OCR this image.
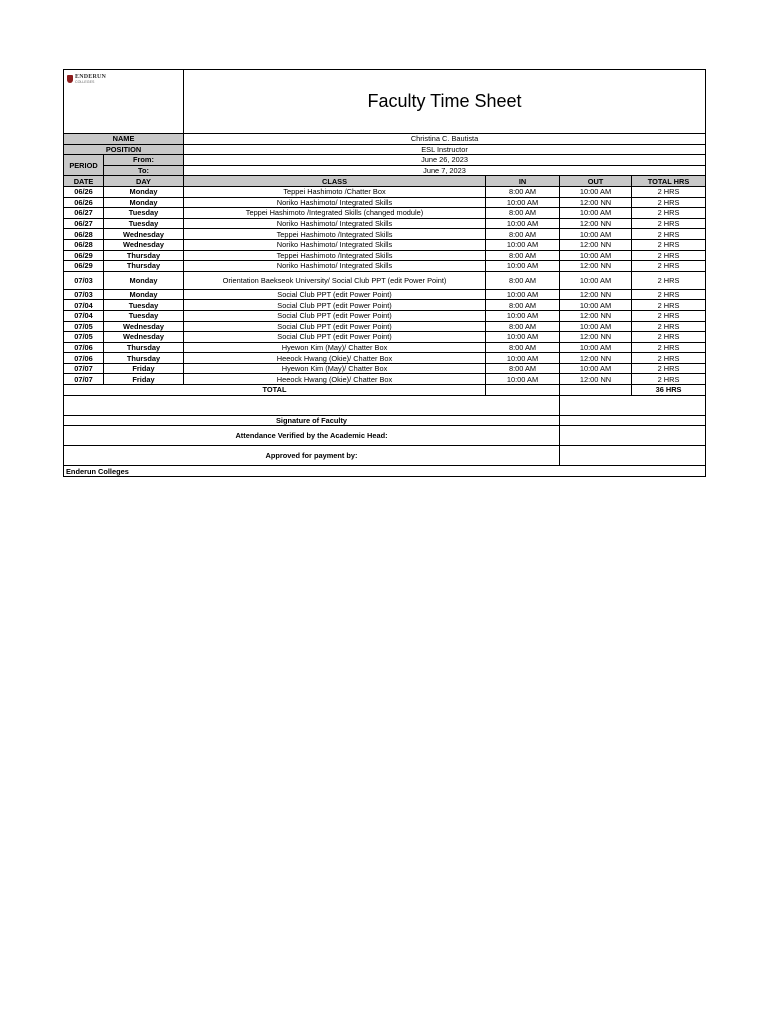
ENDERUN
COLLEGES		Faculty Time Sheet			
NAME		Christina C. Bautista			
POSITION		ESL Instructor			
PERIOD	From:	June 26, 2023			
	To:	June 7, 2023			
DATE	DAY	CLASS	IN	OUT	TOTAL HRS
06/26	Monday	Teppei Hashimoto /Chatter Box	8:00 AM	10:00 AM	2 HRS
06/26	Monday	Noriko Hashimoto/ Integrated Skills	10:00 AM	12:00 NN	2 HRS
06/27	Tuesday	Teppei Hashimoto /Integrated Skills (changed module)	8:00 AM	10:00 AM	2 HRS
06/27	Tuesday	Noriko Hashimoto/ Integrated Skills	10:00 AM	12:00 NN	2 HRS
06/28	Wednesday	Teppei Hashimoto /Integrated Skills	8:00 AM	10:00 AM	2 HRS
06/28	Wednesday	Noriko Hashimoto/ Integrated Skills	10:00 AM	12:00 NN	2 HRS
06/29	Thursday	Teppei Hashimoto /Integrated Skills	8:00 AM	10:00 AM	2 HRS
06/29	Thursday	Noriko Hashimoto/ Integrated Skills	10:00 AM	12:00 NN	2 HRS
07/03	Monday	Orientation Baekseok University/ Social Club PPT (edit Power Point)	8:00 AM	10:00 AM	2 HRS
07/03	Monday	Social Club PPT (edit Power Point)	10:00 AM	12:00 NN	2 HRS
07/04	Tuesday	Social Club PPT (edit Power Point)	8:00 AM	10:00 AM	2 HRS
07/04	Tuesday	Social Club PPT (edit Power Point)	10:00 AM	12:00 NN	2 HRS
07/05	Wednesday	Social Club PPT (edit Power Point)	8:00 AM	10:00 AM	2 HRS
07/05	Wednesday	Social Club PPT (edit Power Point)	10:00 AM	12:00 NN	2 HRS
07/06	Thursday	Hyewon Kim (May)/ Chatter Box	8:00 AM	10:00 AM	2 HRS
07/06	Thursday	Heeock Hwang (Okie)/ Chatter Box	10:00 AM	12:00 NN	2 HRS
07/07	Friday	Hyewon Kim (May)/ Chatter Box	8:00 AM	10:00 AM	2 HRS
07/07	Friday	Heeock Hwang (Okie)/ Chatter Box	10:00 AM	12:00 NN	2 HRS
TOTAL					36 HRS

Signature of Faculty					
Attendance Verified by the Academic Head:					
Approved for payment by:					
Enderun Colleges					
